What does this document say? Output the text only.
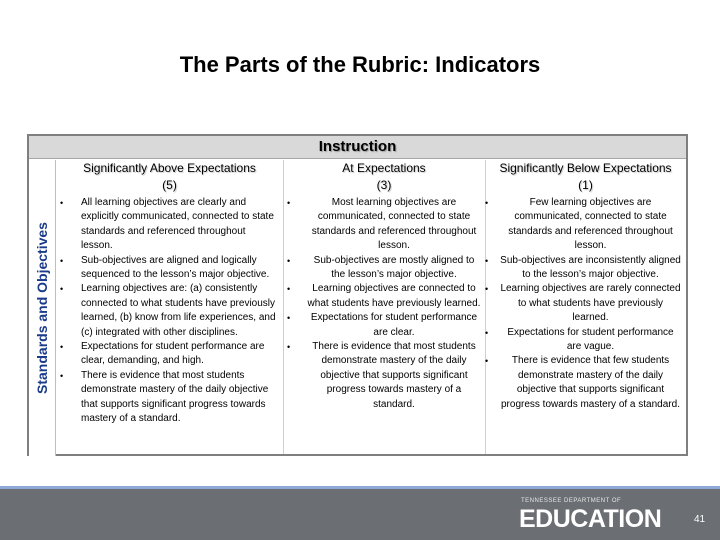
The Parts of the Rubric: Indicators
Instruction
Standards and Objectives
Significantly Above Expectations
(5)
• All learning objectives are clearly and explicitly communicated, connected to state standards and referenced throughout lesson.
• Sub-objectives are aligned and logically sequenced to the lesson’s major objective.
• Learning objectives are: (a) consistently connected to what students have previously learned, (b) know from life experiences, and (c) integrated with other disciplines.
• Expectations for student performance are clear, demanding, and high.
• There is evidence that most students demonstrate mastery of the daily objective that supports significant progress towards mastery of a standard.
At Expectations
(3)
•	Most learning objectives are communicated, connected to state standards and referenced throughout lesson.
• Sub-objectives are mostly aligned to the lesson’s major objective.
• Learning objectives are connected to what students have previously learned.
• Expectations for student performance are clear.
• There is evidence that most students demonstrate mastery of the daily objective that supports significant progress towards mastery of a standard.
Significantly Below Expectations
(1)
•	Few learning objectives are communicated, connected to state standards and referenced throughout lesson.
• Sub-objectives are inconsistently aligned to the lesson’s major objective.
• Learning objectives are rarely connected to what students have previously learned.
• Expectations for student performance are vague.
• There is evidence that few students demonstrate mastery of the daily objective that supports significant progress towards mastery of a standard.
TENNESSEE DEPARTMENT OF
EDUCATION	41
